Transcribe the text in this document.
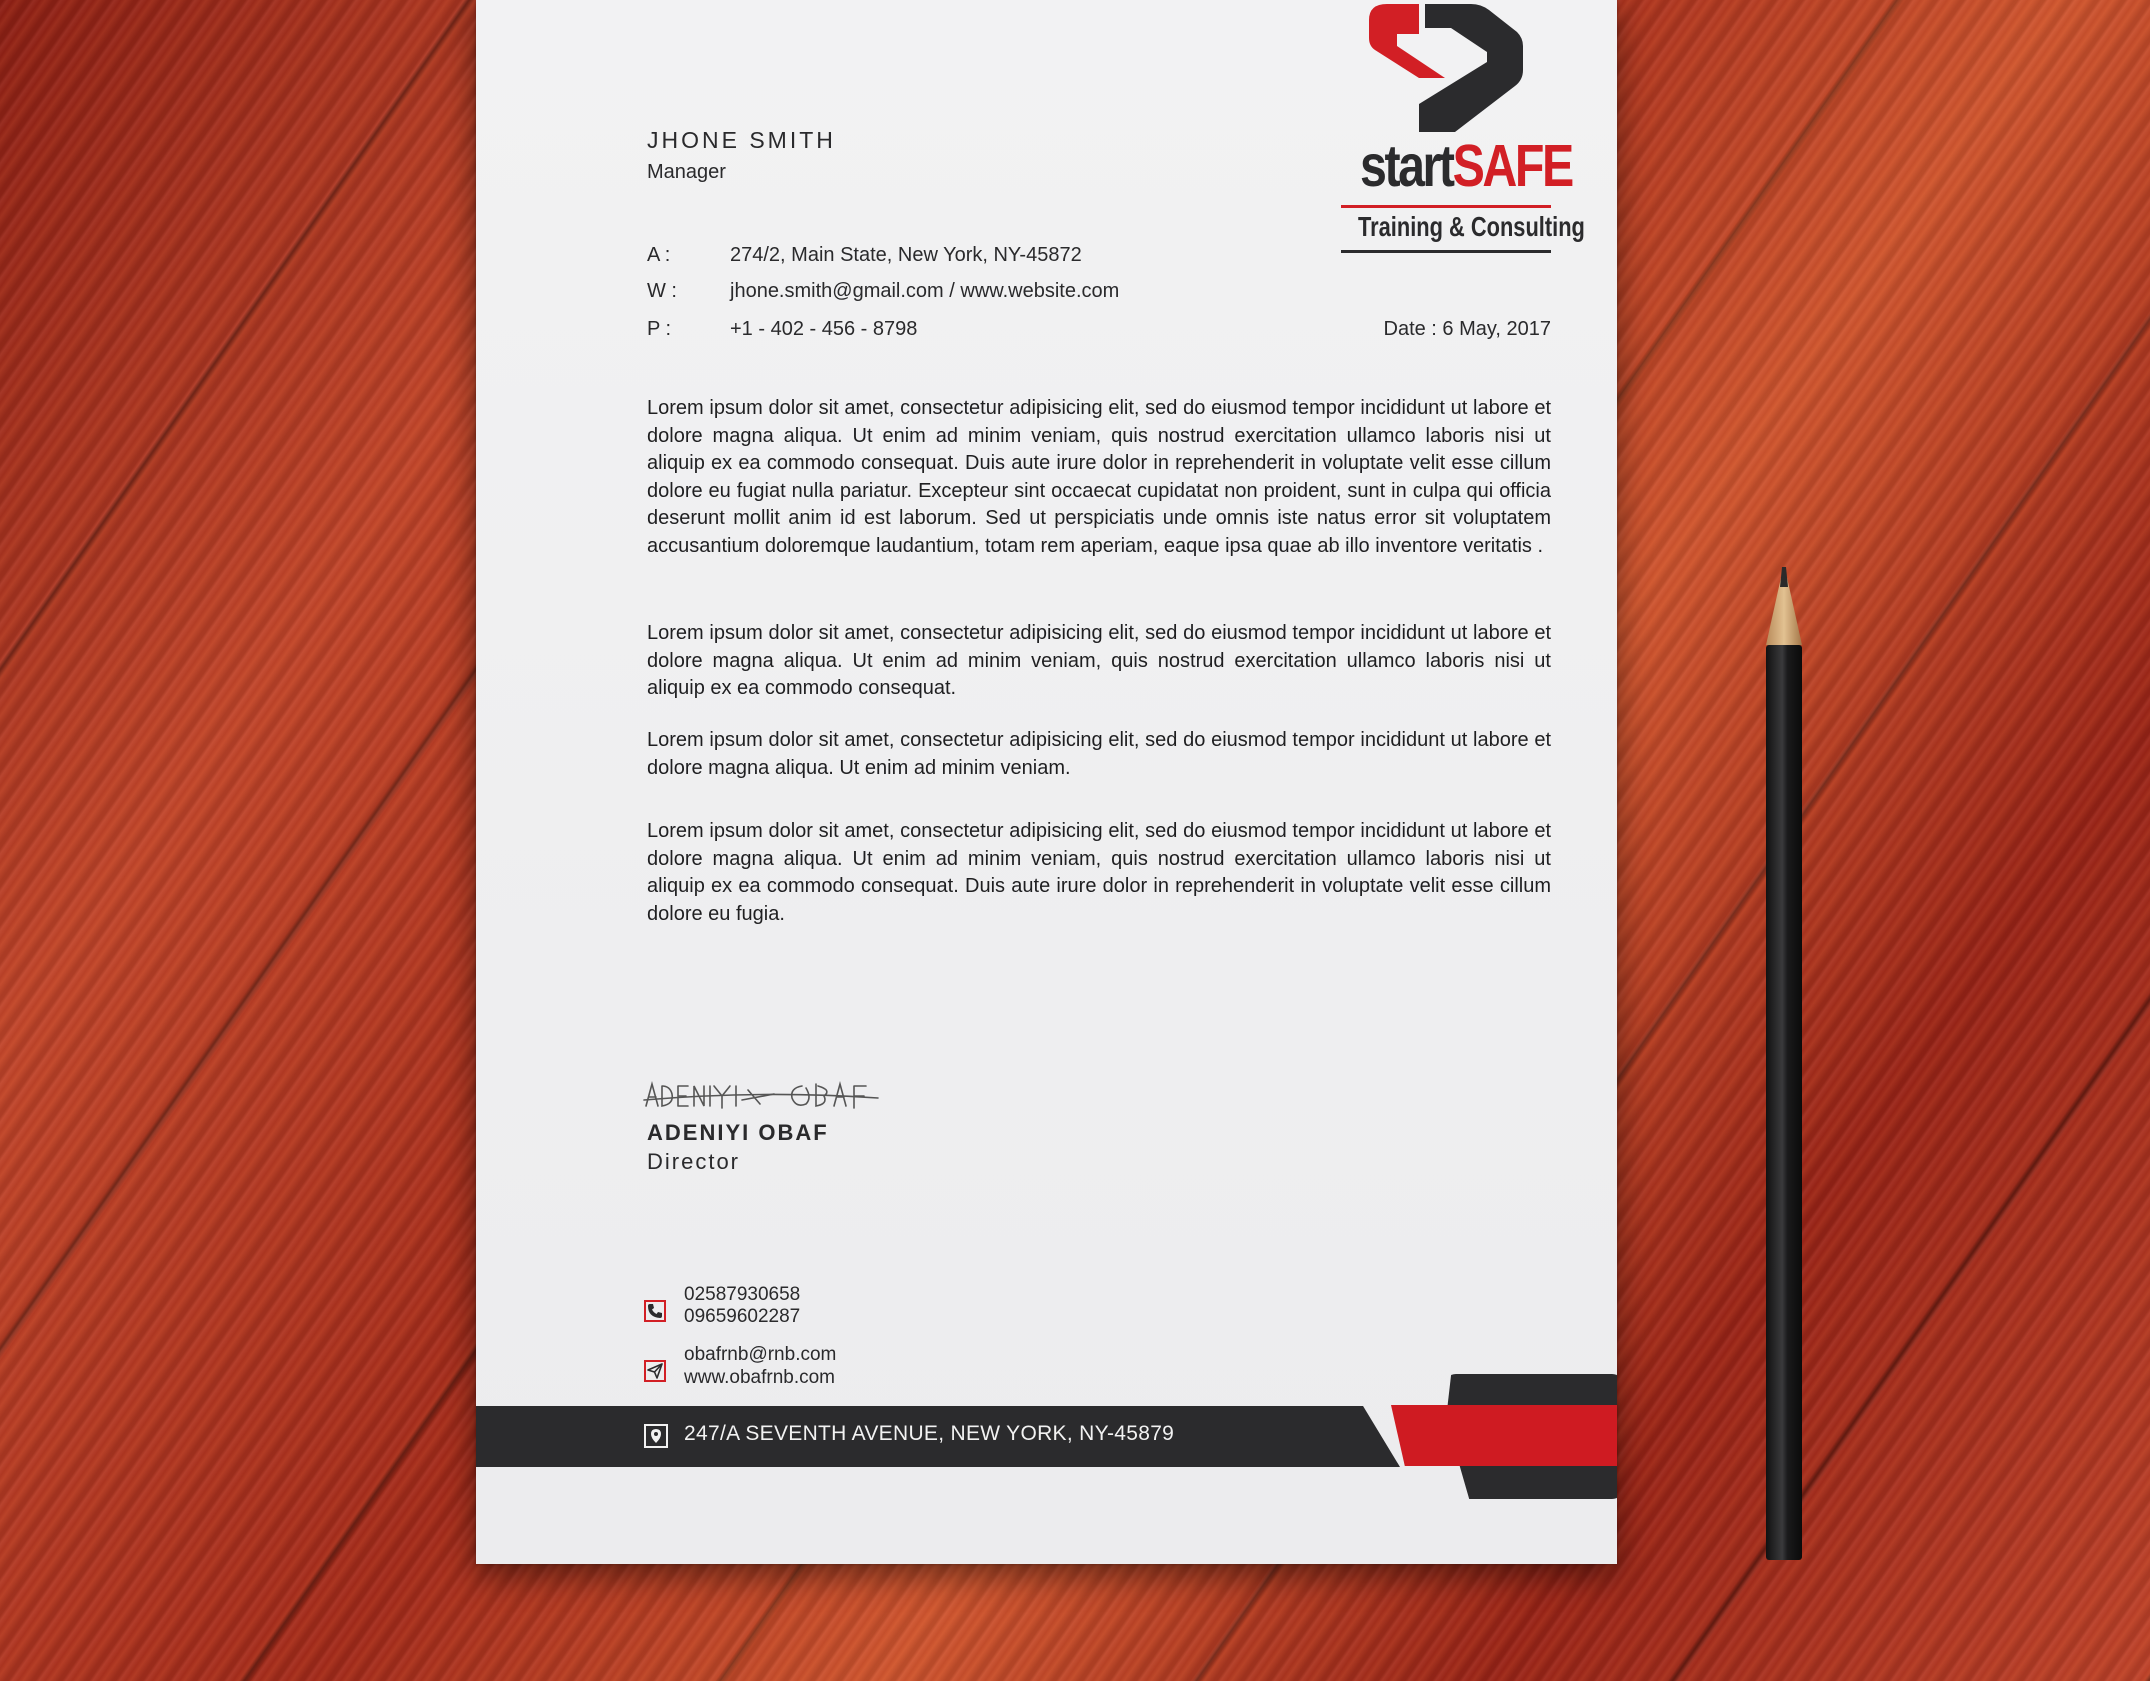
startSAFE
Training & Consulting
JHONE SMITH
Manager
A :	274/2, Main State, New York, NY-45872
W :	jhone.smith@gmail.com / www.website.com
P :	+1 - 402 - 456 - 8798	Date : 6 May, 2017
Lorem ipsum dolor sit amet, consectetur adipisicing elit, sed do eiusmod tempor incididunt ut labore et dolore magna aliqua. Ut enim ad minim veniam, quis nostrud exercitation ullamco laboris nisi ut aliquip ex ea commodo consequat. Duis aute irure dolor in reprehenderit in voluptate velit esse cillum dolore eu fugiat nulla pariatur. Excepteur sint occaecat cupidatat non proident, sunt in culpa qui officia deserunt mollit anim id est laborum. Sed ut perspiciatis unde omnis iste natus error sit voluptatem accusantium doloremque laudantium, totam rem aperiam, eaque ipsa quae ab illo inventore veritatis .
Lorem ipsum dolor sit amet, consectetur adipisicing elit, sed do eiusmod tempor incididunt ut labore et dolore magna aliqua. Ut enim ad minim veniam, quis nostrud exercitation ullamco laboris nisi ut aliquip ex ea commodo consequat.
Lorem ipsum dolor sit amet, consectetur adipisicing elit, sed do eiusmod tempor incididunt ut labore et dolore magna aliqua. Ut enim ad minim veniam.
Lorem ipsum dolor sit amet, consectetur adipisicing elit, sed do eiusmod tempor incididunt ut labore et dolore magna aliqua. Ut enim ad minim veniam, quis nostrud exercitation ullamco laboris nisi ut aliquip ex ea commodo consequat. Duis aute irure dolor in reprehenderit in voluptate velit esse cillum dolore eu fugia.
ADENIYI OBAF
Director
02587930658
09659602287
obafrnb@rnb.com
www.obafrnb.com
247/A SEVENTH AVENUE, NEW YORK, NY-45879
